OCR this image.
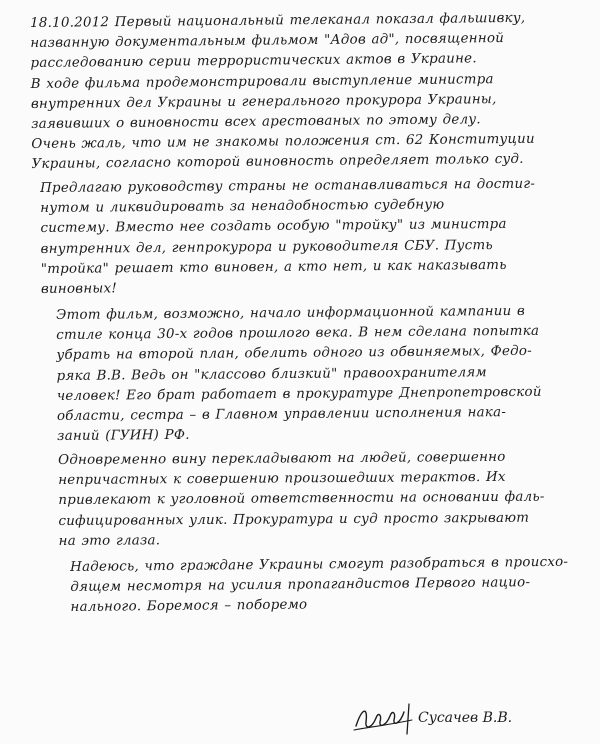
18.10.2012 Первый национальный телеканал показал фальшивку,
названную документальным фильмом "Адов ад", посвященной
расследованию серии террористических актов в Украине.
В ходе фильма продемонстрировали выступление министра
внутренних дел Украины и генерального прокурора Украины,
заявивших о виновности всех арестованых по этому делу.
Очень жаль, что им не знакомы положения ст. 62 Конституции
Украины, согласно которой виновность определяет только суд.
Предлагаю руководству страны не останавливаться на достиг-
нутом и ликвидировать за ненадобностью судебную
систему. Вместо нее создать особую "тройку" из министра
внутренних дел, генпрокурора и руководителя СБУ. Пусть
"тройка" решает кто виновен, а кто нет, и как наказывать
виновных!
Этот фильм, возможно, начало информационной кампании в
стиле конца 30-х годов прошлого века. В нем сделана попытка
убрать на второй план, обелить одного из обвиняемых, Федо-
ряка В.В. Ведь он "классово близкий" правоохранителям
человек! Его брат работает в прокуратуре Днепропетровской
области, сестра – в Главном управлении исполнения нака-
заний (ГУИН) РФ.
Одновременно вину перекладывают на людей, совершенно
непричастных к совершению произошедших терактов. Их
привлекают к уголовной ответственности на основании фаль-
сифицированных улик. Прокуратура и суд просто закрывают
на это глаза.
Надеюсь, что граждане Украины смогут разобраться в происхо-
дящем несмотря на усилия пропагандистов Первого нацио-
нального. Боремося – поборемо
Сусачев В.В.
